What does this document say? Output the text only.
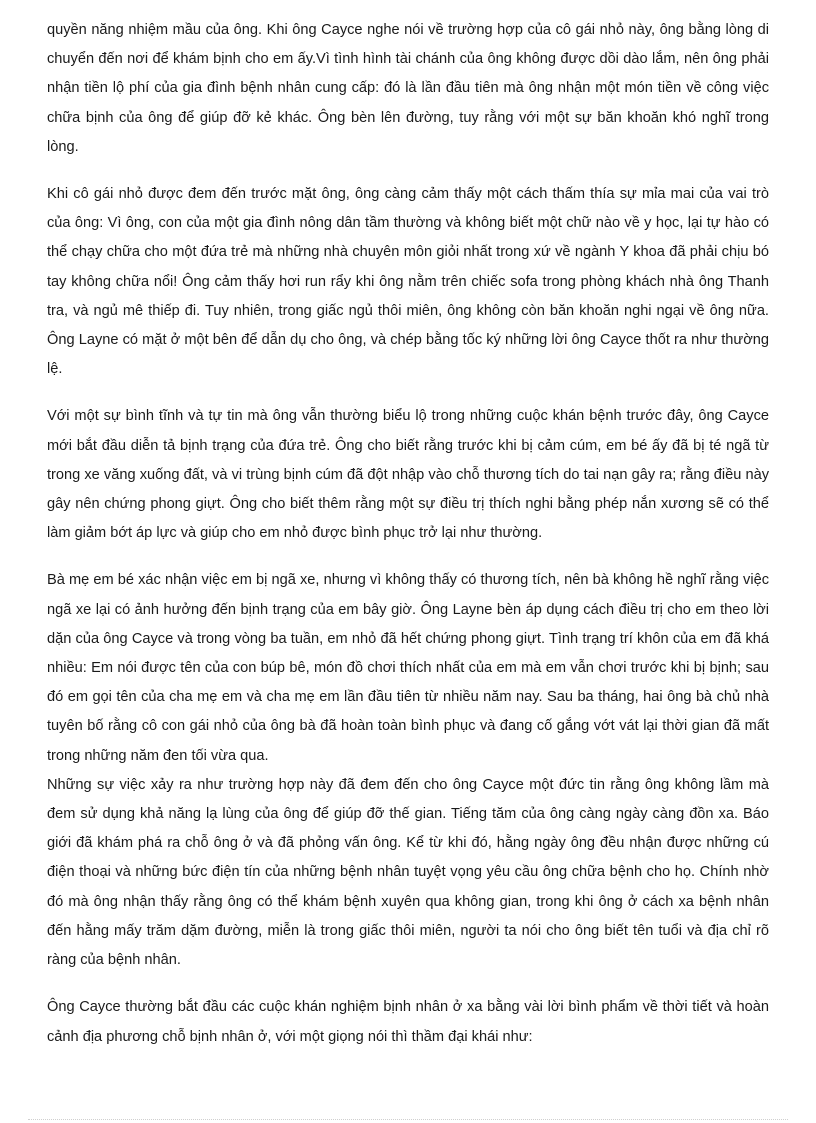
quyền năng nhiệm mầu của ông. Khi ông Cayce nghe nói về trường hợp của cô gái nhỏ này, ông bằng lòng di chuyển đến nơi để khám bịnh cho em ấy.Vì tình hình tài chánh của ông không được dồi dào lắm, nên ông phải nhận tiền lộ phí của gia đình bệnh nhân cung cấp: đó là lần đầu tiên mà ông nhận một món tiền về công việc chữa bịnh của ông để giúp đỡ kẻ khác. Ông bèn lên đường, tuy rằng với một sự băn khoăn khó nghĩ trong lòng.

Khi cô gái nhỏ được đem đến trước mặt ông, ông càng cảm thấy một cách thấm thía sự mỉa mai của vai trò của ông: Vì ông, con của một gia đình nông dân tầm thường và không biết một chữ nào về y học, lại tự hào có thể chạy chữa cho một đứa trẻ mà những nhà chuyên môn giỏi nhất trong xứ về ngành Y khoa đã phải chịu bó tay không chữa nổi! Ông cảm thấy hơi run rẩy khi ông nằm trên chiếc sofa trong phòng khách nhà ông Thanh tra, và ngủ mê thiếp đi. Tuy nhiên, trong giấc ngủ thôi miên, ông không còn băn khoăn nghi ngại về ông nữa. Ông Layne có mặt ở một bên để dẫn dụ cho ông, và chép bằng tốc ký những lời ông Cayce thốt ra như thường lệ.

Với một sự bình tĩnh và tự tin mà ông vẫn thường biểu lộ trong những cuộc khán bệnh trước đây, ông Cayce mới bắt đầu diễn tả bịnh trạng của đứa trẻ. Ông cho biết rằng trước khi bị cảm cúm, em bé ấy đã bị té ngã từ trong xe văng xuống đất, và vi trùng bịnh cúm đã đột nhập vào chỗ thương tích do tai nạn gây ra; rằng điều này gây nên chứng phong giựt. Ông cho biết thêm rằng một sự điều trị thích nghi bằng phép nắn xương sẽ có thể làm giảm bớt áp lực và giúp cho em nhỏ được bình phục trở lại như thường.

Bà mẹ em bé xác nhận việc em bị ngã xe, nhưng vì không thấy có thương tích, nên bà không hề nghĩ rằng việc ngã xe lại có ảnh hưởng đến bịnh trạng của em bây giờ. Ông Layne bèn áp dụng cách điều trị cho em theo lời dặn của ông Cayce và trong vòng ba tuần, em nhỏ đã hết chứng phong giựt. Tình trạng trí khôn của em đã khá nhiều: Em nói được tên của con búp bê, món đồ chơi thích nhất của em mà em vẫn chơi trước khi bị bịnh; sau đó em gọi tên của cha mẹ em và cha mẹ em lần đầu tiên từ nhiều năm nay. Sau ba tháng, hai ông bà chủ nhà tuyên bố rằng cô con gái nhỏ của ông bà đã hoàn toàn bình phục và đang cố gắng vớt vát lại thời gian đã mất trong những năm đen tối vừa qua.

Những sự việc xảy ra như trường hợp này đã đem đến cho ông Cayce một đức tin rằng ông không lầm mà đem sử dụng khả năng lạ lùng của ông để giúp đỡ thế gian. Tiếng tăm của ông càng ngày càng đồn xa. Báo giới đã khám phá ra chỗ ông ở và đã phỏng vấn ông. Kể từ khi đó, hằng ngày ông đều nhận được những cú điện thoại và những bức điện tín của những bệnh nhân tuyệt vọng yêu cầu ông chữa bệnh cho họ. Chính nhờ đó mà ông nhận thấy rằng ông có thể khám bệnh xuyên qua không gian, trong khi ông ở cách xa bệnh nhân đến hằng mấy trăm dặm đường, miễn là trong giấc thôi miên, người ta nói cho ông biết tên tuổi và địa chỉ rõ ràng của bệnh nhân.

Ông Cayce thường bắt đầu các cuộc khán nghiệm bịnh nhân ở xa bằng vài lời bình phẩm về thời tiết và hoàn cảnh địa phương chỗ bịnh nhân ở, với một giọng nói thì thầm đại khái như:
